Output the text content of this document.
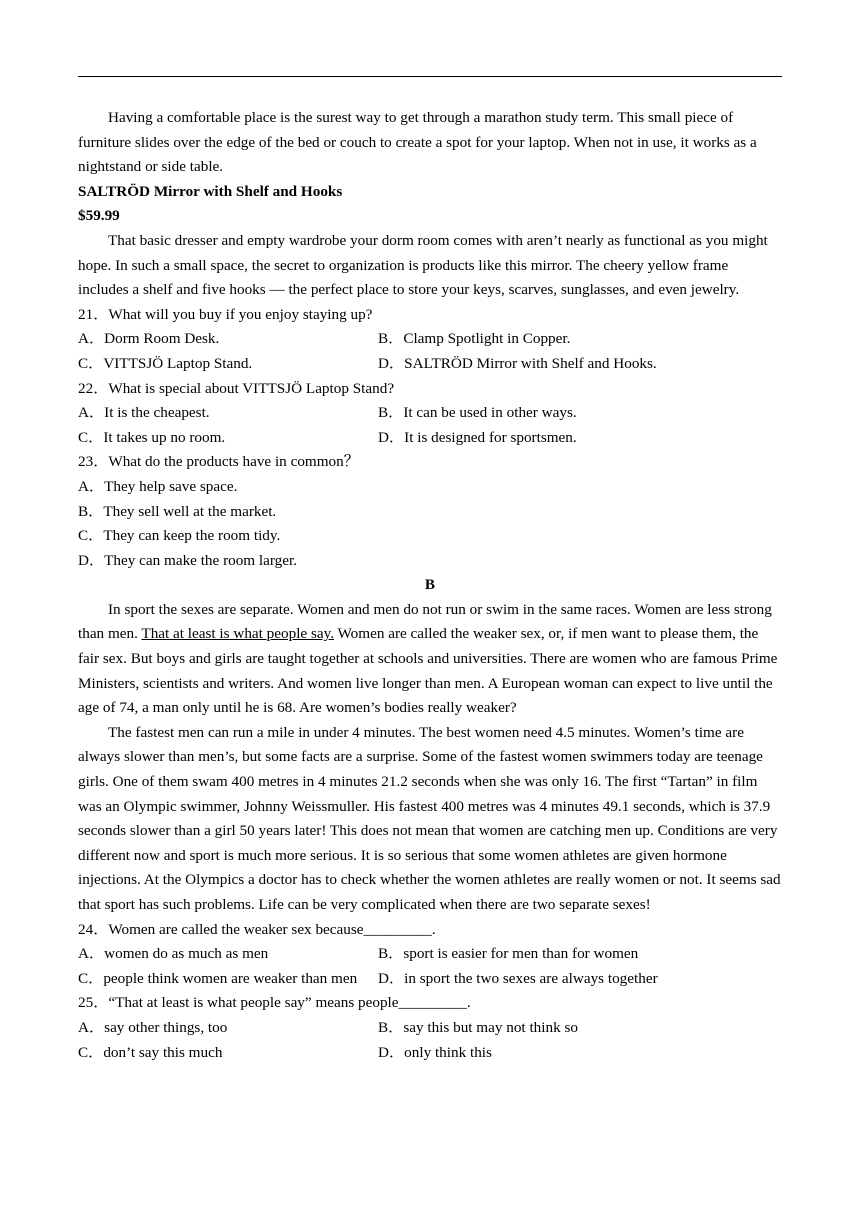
Having a comfortable place is the surest way to get through a marathon study term. This small piece of furniture slides over the edge of the bed or couch to create a spot for your laptop. When not in use, it works as a nightstand or side table.

SALTRÖD Mirror with Shelf and Hooks

$59.99

That basic dresser and empty wardrobe your dorm room comes with aren’t nearly as functional as you might hope. In such a small space, the secret to organization is products like this mirror. The cheery yellow frame includes a shelf and five hooks — the perfect place to store your keys, scarves, sunglasses, and even jewelry.

21．What will you buy if you enjoy staying up?

A．Dorm Room Desk.	B．Clamp Spotlight in Copper.

C．VITTSJÖ Laptop Stand.	D．SALTRÖD Mirror with Shelf and Hooks.

22．What is special about VITTSJÖ Laptop Stand?

A．It is the cheapest.	B．It can be used in other ways.

C．It takes up no room.	D．It is designed for sportsmen.

23．What do the products have in common？

A．They help save space.

B．They sell well at the market.

C．They can keep the room tidy.

D．They can make the room larger.

B

In sport the sexes are separate. Women and men do not run or swim in the same races. Women are less strong than men. That at least is what people say. Women are called the weaker sex, or, if men want to please them, the fair sex. But boys and girls are taught together at schools and universities. There are women who are famous Prime Ministers, scientists and writers. And women live longer than men. A European woman can expect to live until the age of 74, a man only until he is 68. Are women’s bodies really weaker?

The fastest men can run a mile in under 4 minutes. The best women need 4.5 minutes. Women’s time are always slower than men’s, but some facts are a surprise. Some of the fastest women swimmers today are teenage girls. One of them swam 400 metres in 4 minutes 21.2 seconds when she was only 16. The first “Tartan” in film was an Olympic swimmer, Johnny Weissmuller. His fastest 400 metres was 4 minutes 49.1 seconds, which is 37.9 seconds slower than a girl 50 years later! This does not mean that women are catching men up. Conditions are very different now and sport is much more serious. It is so serious that some women athletes are given hormone injections. At the Olympics a doctor has to check whether the women athletes are really women or not. It seems sad that sport has such problems. Life can be very complicated when there are two separate sexes!

24．Women are called the weaker sex because_________.

A．women do as much as men	B．sport is easier for men than for women

C．people think women are weaker than men	D．in sport the two sexes are always together

25．“That at least is what people say” means people_________.

A．say other things, too	B．say this but may not think so

C．don’t say this much	D．only think this
